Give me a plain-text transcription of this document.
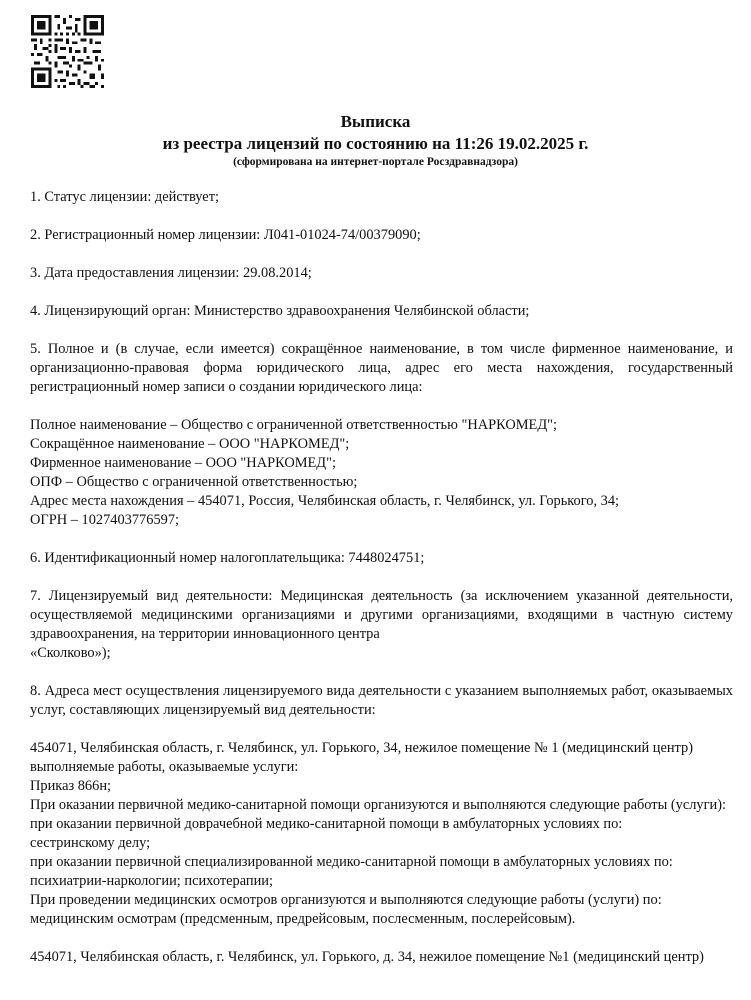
Выписка
из реестра лицензий по состоянию на 11:26 19.02.2025 г.
(сформирована на интернет-портале Росздравнадзора)

1. Статус лицензии: действует;

2. Регистрационный номер лицензии: Л041-01024-74/00379090;

3. Дата предоставления лицензии: 29.08.2014;

4. Лицензирующий орган: Министерство здравоохранения Челябинской области;

5. Полное и (в случае, если имеется) сокращённое наименование, в том числе фирменное наименование, и организационно-правовая форма юридического лица, адрес его места нахождения, государственный регистрационный номер записи о создании юридического лица:

Полное наименование – Общество с ограниченной ответственностью "НАРКОМЕД";
Сокращённое наименование – ООО "НАРКОМЕД";
Фирменное наименование – ООО "НАРКОМЕД";
ОПФ – Общество с ограниченной ответственностью;
Адрес места нахождения – 454071, Россия, Челябинская область, г. Челябинск, ул. Горького, 34;
ОГРН – 1027403776597;

6. Идентификационный номер налогоплательщика: 7448024751;

7. Лицензируемый вид деятельности: Медицинская деятельность (за исключением указанной деятельности, осуществляемой медицинскими организациями и другими организациями, входящими в частную систему здравоохранения, на территории инновационного центра
«Сколково»);

8. Адреса мест осуществления лицензируемого вида деятельности с указанием выполняемых работ, оказываемых услуг, составляющих лицензируемый вид деятельности:

454071, Челябинская область, г. Челябинск, ул. Горького, 34, нежилое помещение № 1 (медицинский центр)
выполняемые работы, оказываемые услуги:
Приказ 866н;
При оказании первичной медико-санитарной помощи организуются и выполняются следующие работы (услуги):
при оказании первичной доврачебной медико-санитарной помощи в амбулаторных условиях по:
сестринскому делу;
при оказании первичной специализированной медико-санитарной помощи в амбулаторных условиях по:
психиатрии-наркологии; психотерапии;
При проведении медицинских осмотров организуются и выполняются следующие работы (услуги) по:
медицинским осмотрам (предсменным, предрейсовым, послесменным, послерейсовым).

454071, Челябинская область, г. Челябинск, ул. Горького, д. 34, нежилое помещение №1 (медицинский центр)
